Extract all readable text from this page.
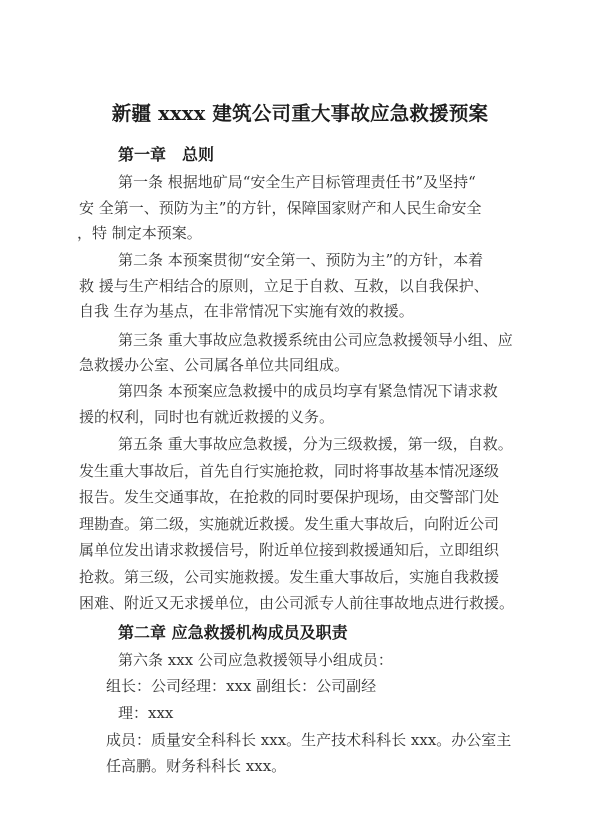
新疆 xxxx 建筑公司重大事故应急救援预案
第一章　总则
第一条 根据地矿局“安全生产目标管理责任书”及坚持“
安 全第一、预防为主”的方针，保障国家财产和人民生命安全
，特 制定本预案。
第二条 本预案贯彻“安全第一、预防为主”的方针，本着
救 援与生产相结合的原则，立足于自救、互救，以自我保护、
自我 生存为基点，在非常情况下实施有效的救援。
第三条 重大事故应急救援系统由公司应急救援领导小组、应
急救援办公室、公司属各单位共同组成。
第四条 本预案应急救援中的成员均享有紧急情况下请求救
援的权利，同时也有就近救援的义务。
第五条 重大事故应急救援，分为三级救援，第一级，自救。
发生重大事故后，首先自行实施抢救，同时将事故基本情况逐级
报告。发生交通事故，在抢救的同时要保护现场，由交警部门处
理勘查。第二级，实施就近救援。发生重大事故后，向附近公司
属单位发出请求救援信号，附近单位接到救援通知后，立即组织
抢救。第三级，公司实施救援。发生重大事故后，实施自我救援
困难、附近又无求援单位，由公司派专人前往事故地点进行救援。
第二章 应急救援机构成员及职责
第六条 xxx 公司应急救援领导小组成员：
组长：公司经理：xxx 副组长：公司副经
理：xxx
成员：质量安全科科长 xxx。生产技术科科长 xxx。办公室主
任高鹏。财务科科长 xxx。
